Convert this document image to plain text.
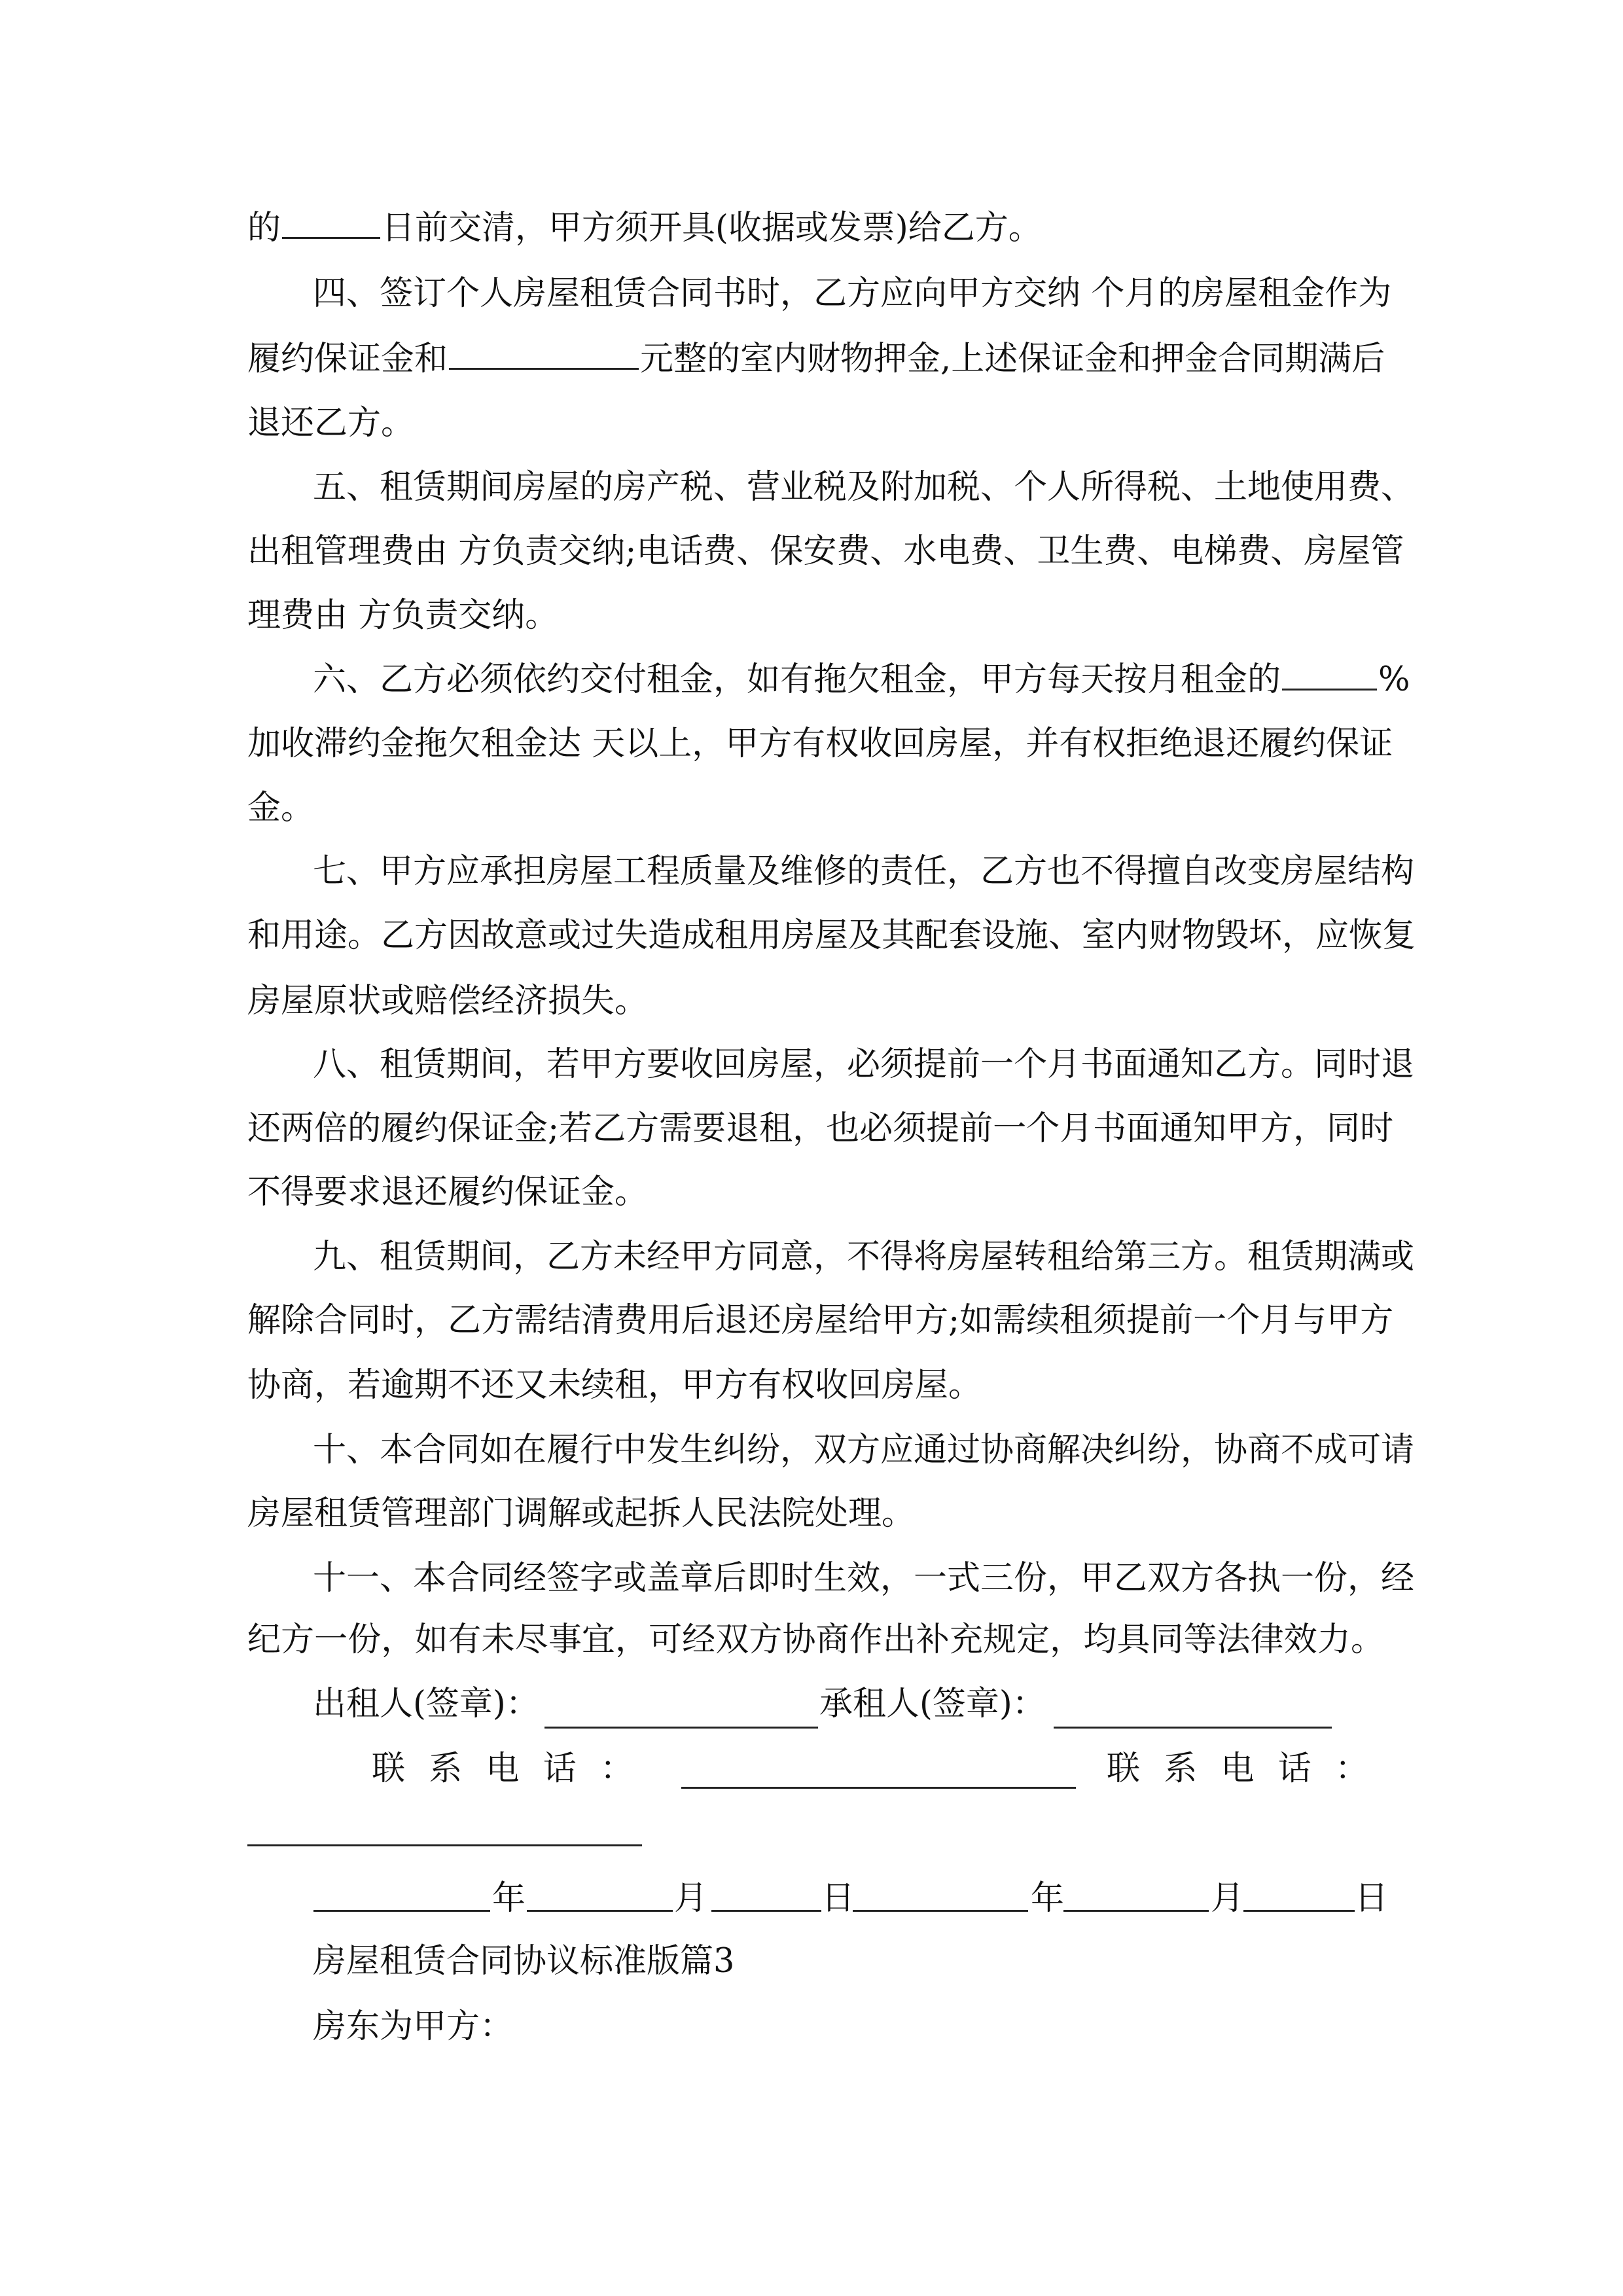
的	日前交清，甲方须开具(收据或发票)给乙方。
四、签订个人房屋租赁合同书时，乙方应向甲方交纳 个月的房屋租金作为
履约保证金和	元整的室内财物押金,上述保证金和押金合同期满后
退还乙方。
五、租赁期间房屋的房产税、营业税及附加税、个人所得税、土地使用费、
出租管理费由 方负责交纳;电话费、保安费、水电费、卫生费、电梯费、房屋管
理费由 方负责交纳。
六、乙方必须依约交付租金，如有拖欠租金，甲方每天按月租金的	%
加收滞约金拖欠租金达 天以上，甲方有权收回房屋，并有权拒绝退还履约保证
金。
七、甲方应承担房屋工程质量及维修的责任，乙方也不得擅自改变房屋结构
和用途。乙方因故意或过失造成租用房屋及其配套设施、室内财物毁坏，应恢复
房屋原状或赔偿经济损失。
八、租赁期间，若甲方要收回房屋，必须提前一个月书面通知乙方。同时退
还两倍的履约保证金;若乙方需要退租，也必须提前一个月书面通知甲方，同时
不得要求退还履约保证金。
九、租赁期间，乙方未经甲方同意，不得将房屋转租给第三方。租赁期满或
解除合同时，乙方需结清费用后退还房屋给甲方;如需续租须提前一个月与甲方
协商，若逾期不还又未续租，甲方有权收回房屋。
十、本合同如在履行中发生纠纷，双方应通过协商解决纠纷，协商不成可请
房屋租赁管理部门调解或起拆人民法院处理。
十一、本合同经签字或盖章后即时生效，一式三份，甲乙双方各执一份，经
纪方一份，如有未尽事宜，可经双方协商作出补充规定，均具同等法律效力。
出租人(签章)：	承租人(签章)：
联 系 电 话 ：	联 系 电 话 ：
年	月	日	年	月	日
房屋租赁合同协议标准版篇3
房东为甲方：
